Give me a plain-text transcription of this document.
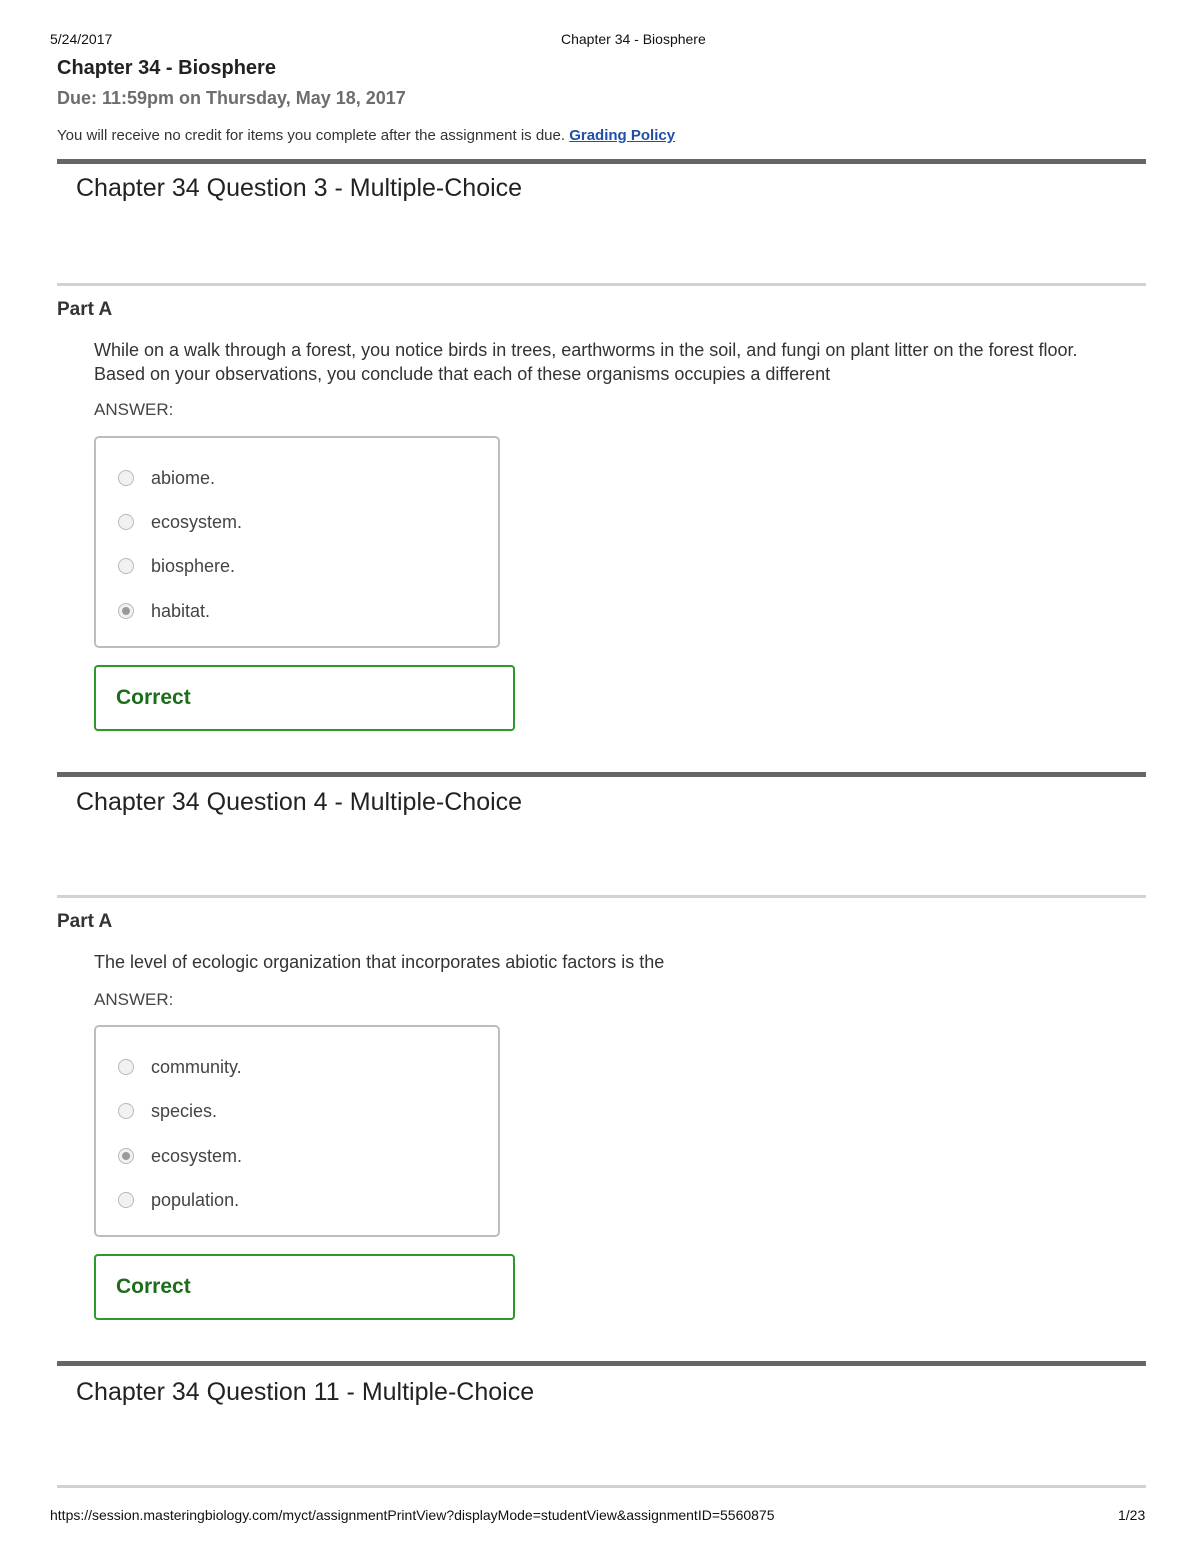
5/24/2017	Chapter 34 - Biosphere
Chapter 34 - Biosphere
Due: 11:59pm on Thursday, May 18, 2017
You will receive no credit for items you complete after the assignment is due. Grading Policy
Chapter 34 Question 3 - Multiple-Choice
Part A
While on a walk through a forest, you notice birds in trees, earthworms in the soil, and fungi on plant litter on the forest floor. Based on your observations, you conclude that each of these organisms occupies a different
ANSWER:
abiome.
ecosystem.
biosphere.
habitat.
Correct
Chapter 34 Question 4 - Multiple-Choice
Part A
The level of ecologic organization that incorporates abiotic factors is the
ANSWER:
community.
species.
ecosystem.
population.
Correct
Chapter 34 Question 11 - Multiple-Choice
https://session.masteringbiology.com/myct/assignmentPrintView?displayMode=studentView&assignmentID=5560875	1/23
